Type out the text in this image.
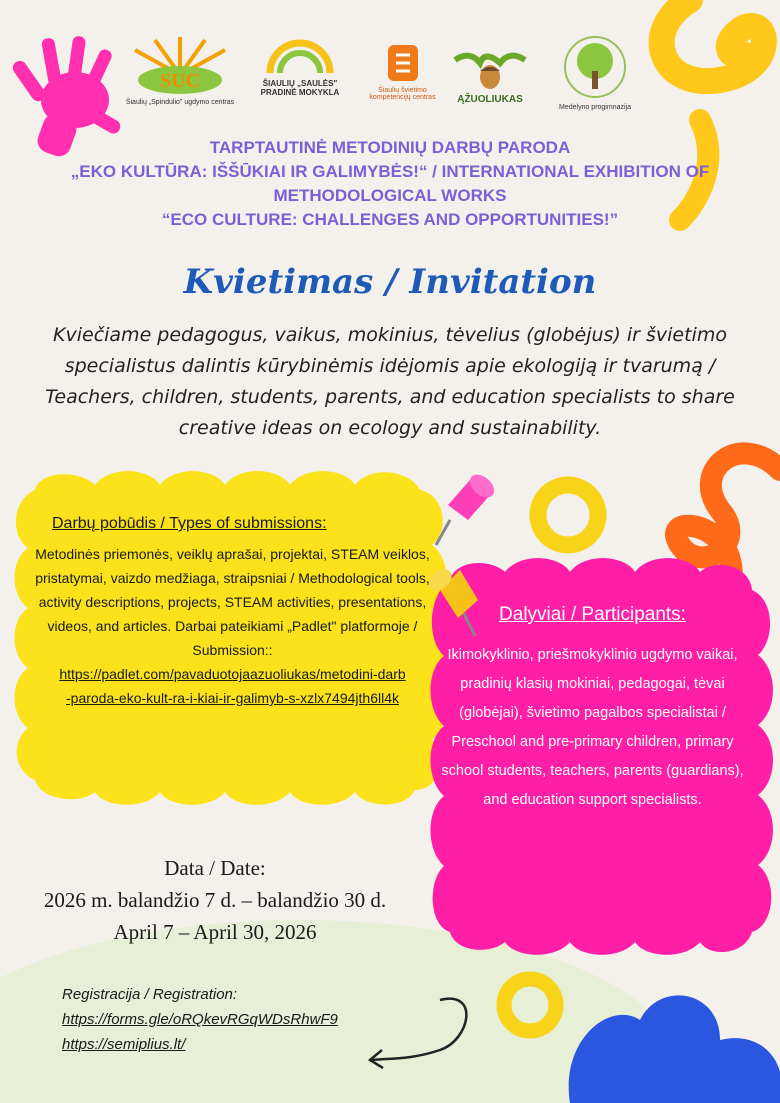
SUC
Šiaulių „Spindulio" ugdymo centras
ŠIAULIŲ „SAULĖS" PRADINĖ MOKYKLA	Šiaulių švietimo kompetencijų centras	ĄŽUOLIUKAS
Medelyno progimnazija
TARPTAUTINĖ METODINIŲ DARBŲ PARODA
„EKO KULTŪRA: IŠŠŪKIAI IR GALIMYBĖS!“ / INTERNATIONAL EXHIBITION OF
METHODOLOGICAL WORKS
“ECO CULTURE: CHALLENGES AND OPPORTUNITIES!”
Kvietimas / Invitation
Kviečiame pedagogus, vaikus, mokinius, tėvelius (globėjus) ir švietimo
specialistus dalintis kūrybinėmis idėjomis apie ekologiją ir tvarumą /
Teachers, children, students, parents, and education specialists to share
creative ideas on ecology and sustainability.
Darbų pobūdis / Types of submissions:
Metodinės priemonės, veiklų aprašai, projektai, STEAM veiklos, pristatymai, vaizdo medžiaga, straipsniai / Methodological tools, activity descriptions, projects, STEAM activities, presentations, videos, and articles. Darbai pateikiami „Padlet" platformoje / Submission::
https://padlet.com/pavaduotojaazuoliukas/metodini-darb-paroda-eko-kult-ra-i-kiai-ir-galimyb-s-xzlx7494jth6ll4k
Dalyviai / Participants:
Ikimokyklinio, priešmokyklinio ugdymo vaikai, pradinių klasių mokiniai, pedagogai, tėvai (globėjai), švietimo pagalbos specialistai / Preschool and pre-primary children, primary school students, teachers, parents (guardians), and education support specialists.
Data / Date:
2026 m. balandžio 7 d. – balandžio 30 d.
April 7 – April 30, 2026
Registracija / Registration:
https://forms.gle/oRQkevRGqWDsRhwF9
https://semiplius.lt/
